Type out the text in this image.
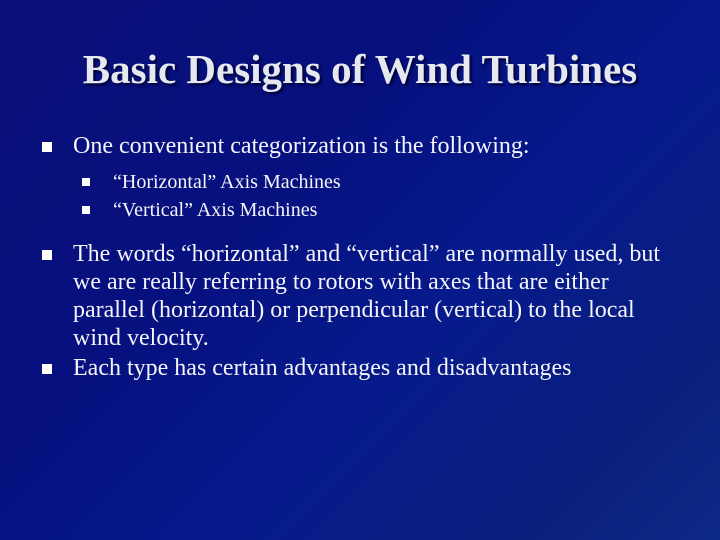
Basic Designs of Wind Turbines
One convenient categorization is the following:
“Horizontal” Axis Machines
“Vertical” Axis Machines
The words “horizontal” and “vertical” are normally used, but we are really referring to rotors with axes that are either parallel (horizontal) or perpendicular (vertical) to the local wind velocity.
Each type has certain advantages and disadvantages
